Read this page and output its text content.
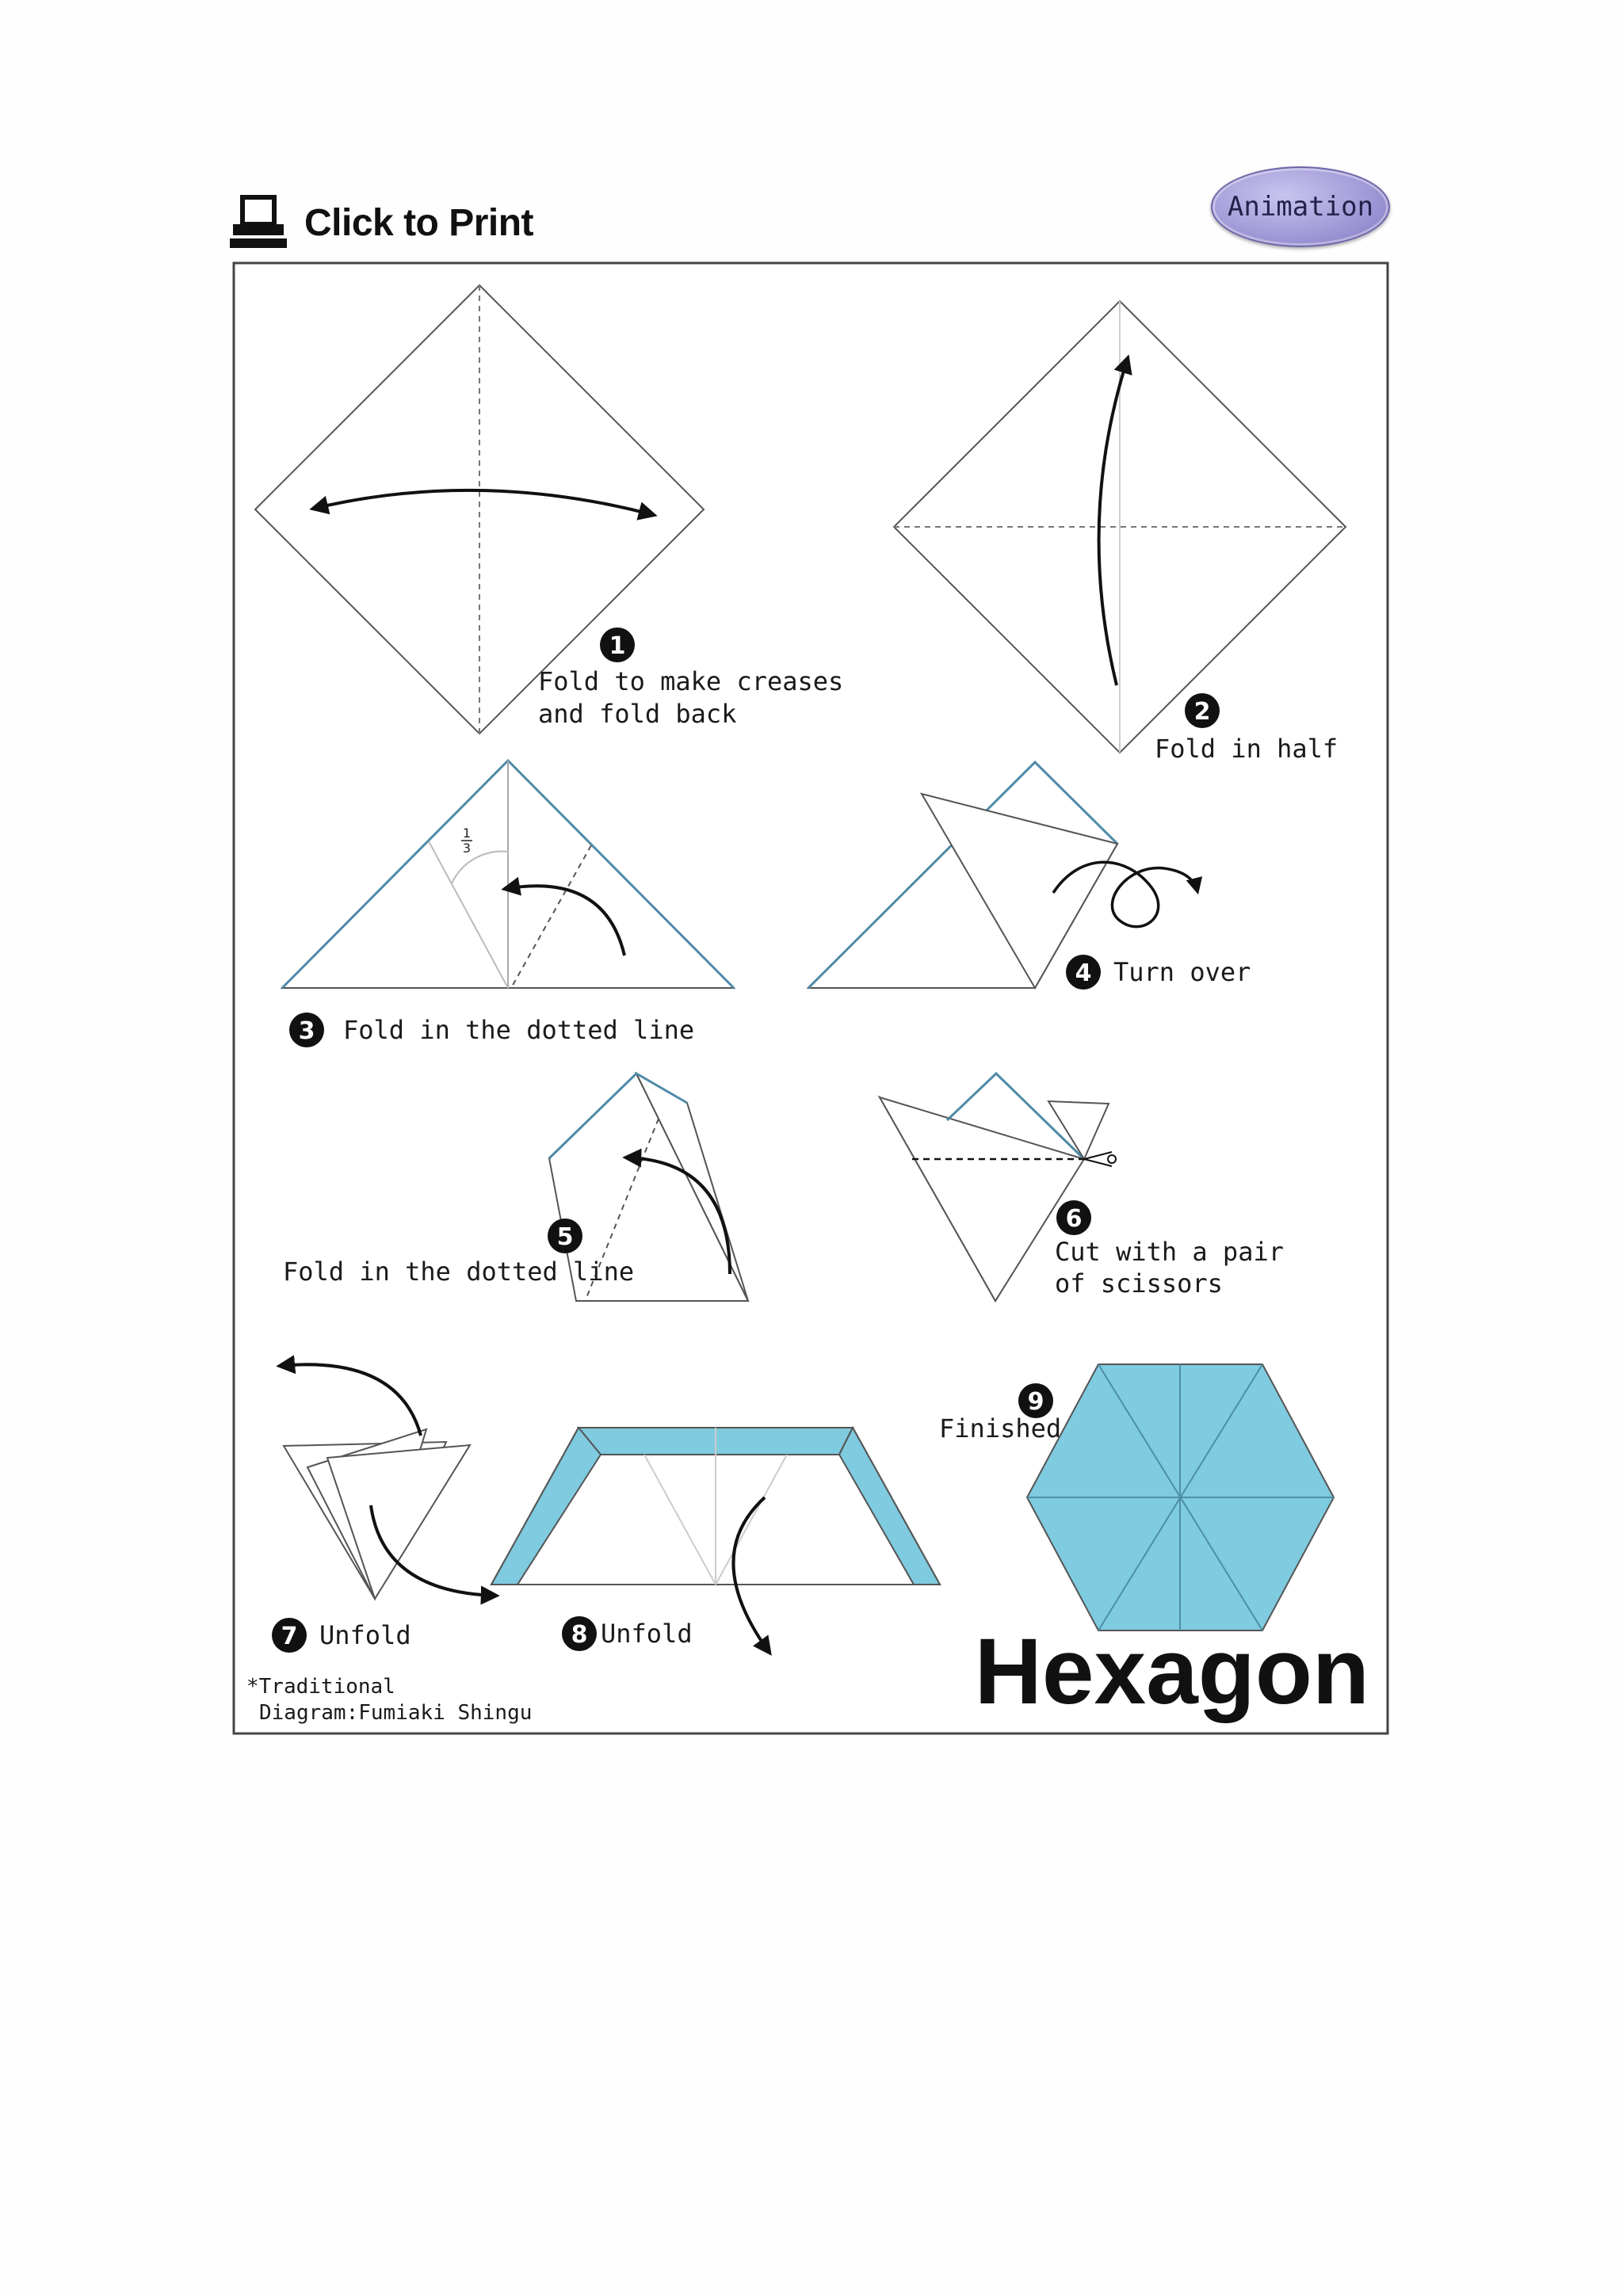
Click to Print	Animation
1
Fold to make creases
and fold back	2
Fold in half
1
3
3 Fold in the dotted line
4 Turn over
5
Fold in the dotted line
6
Cut with a pair
of scissors
7 Unfold	8 Unfold
9
Finished
*Traditional
Diagram:Fumiaki Shingu	Hexagon
